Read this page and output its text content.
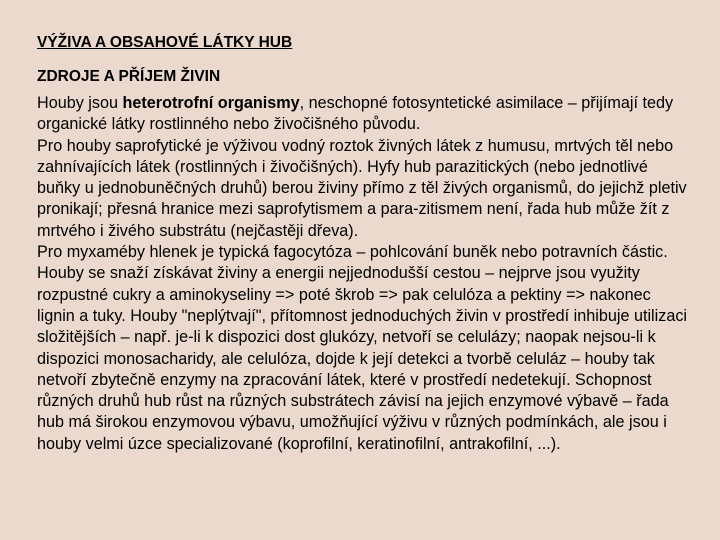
VÝŽIVA A OBSAHOVÉ LÁTKY HUB
ZDROJE A PŘÍJEM ŽIVIN

Houby jsou heterotrofní organismy, neschopné fotosyntetické asimilace – přijímají tedy organické látky rostlinného nebo živočišného původu.

Pro houby saprofytické je výživou vodný roztok živných látek z humusu, mrtvých těl nebo zahnívajících látek (rostlinných i živočišných). Hyfy hub parazitických (nebo jednotlivé buňky u jednobuněčných druhů) berou živiny přímo z těl živých organismů, do jejichž pletiv pronikají; přesná hranice mezi saprofytismem a para-zitismem není, řada hub může žít z mrtvého i živého substrátu (nejčastěji dřeva).

Pro myxaméby hlenek je typická fagocytóza – pohlcování buněk nebo potravních částic.

Houby se snaží získávat živiny a energii nejjednodušší cestou – nejprve jsou využity rozpustné cukry a aminokyseliny => poté škrob => pak celulóza a pektiny => nakonec lignin a tuky. Houby "neplýtvají", přítomnost jednoduchých živin v prostředí inhibuje utilizaci složitějších – např. je-li k dispozici dost glukózy, netvoří se celulázy; naopak nejsou-li k dispozici monosacharidy, ale celulóza, dojde k její detekci a tvorbě celuláz – houby tak netvoří zbytečně enzymy na zpracování látek, které v prostředí nedetekují. Schopnost různých druhů hub růst na různých substrátech závisí na jejich enzymové výbavě – řada hub má širokou enzymovou výbavu, umožňující výživu v různých podmínkách, ale jsou i houby velmi úzce specializované (koprofilní, keratinofilní, antrakofilní, ...).
